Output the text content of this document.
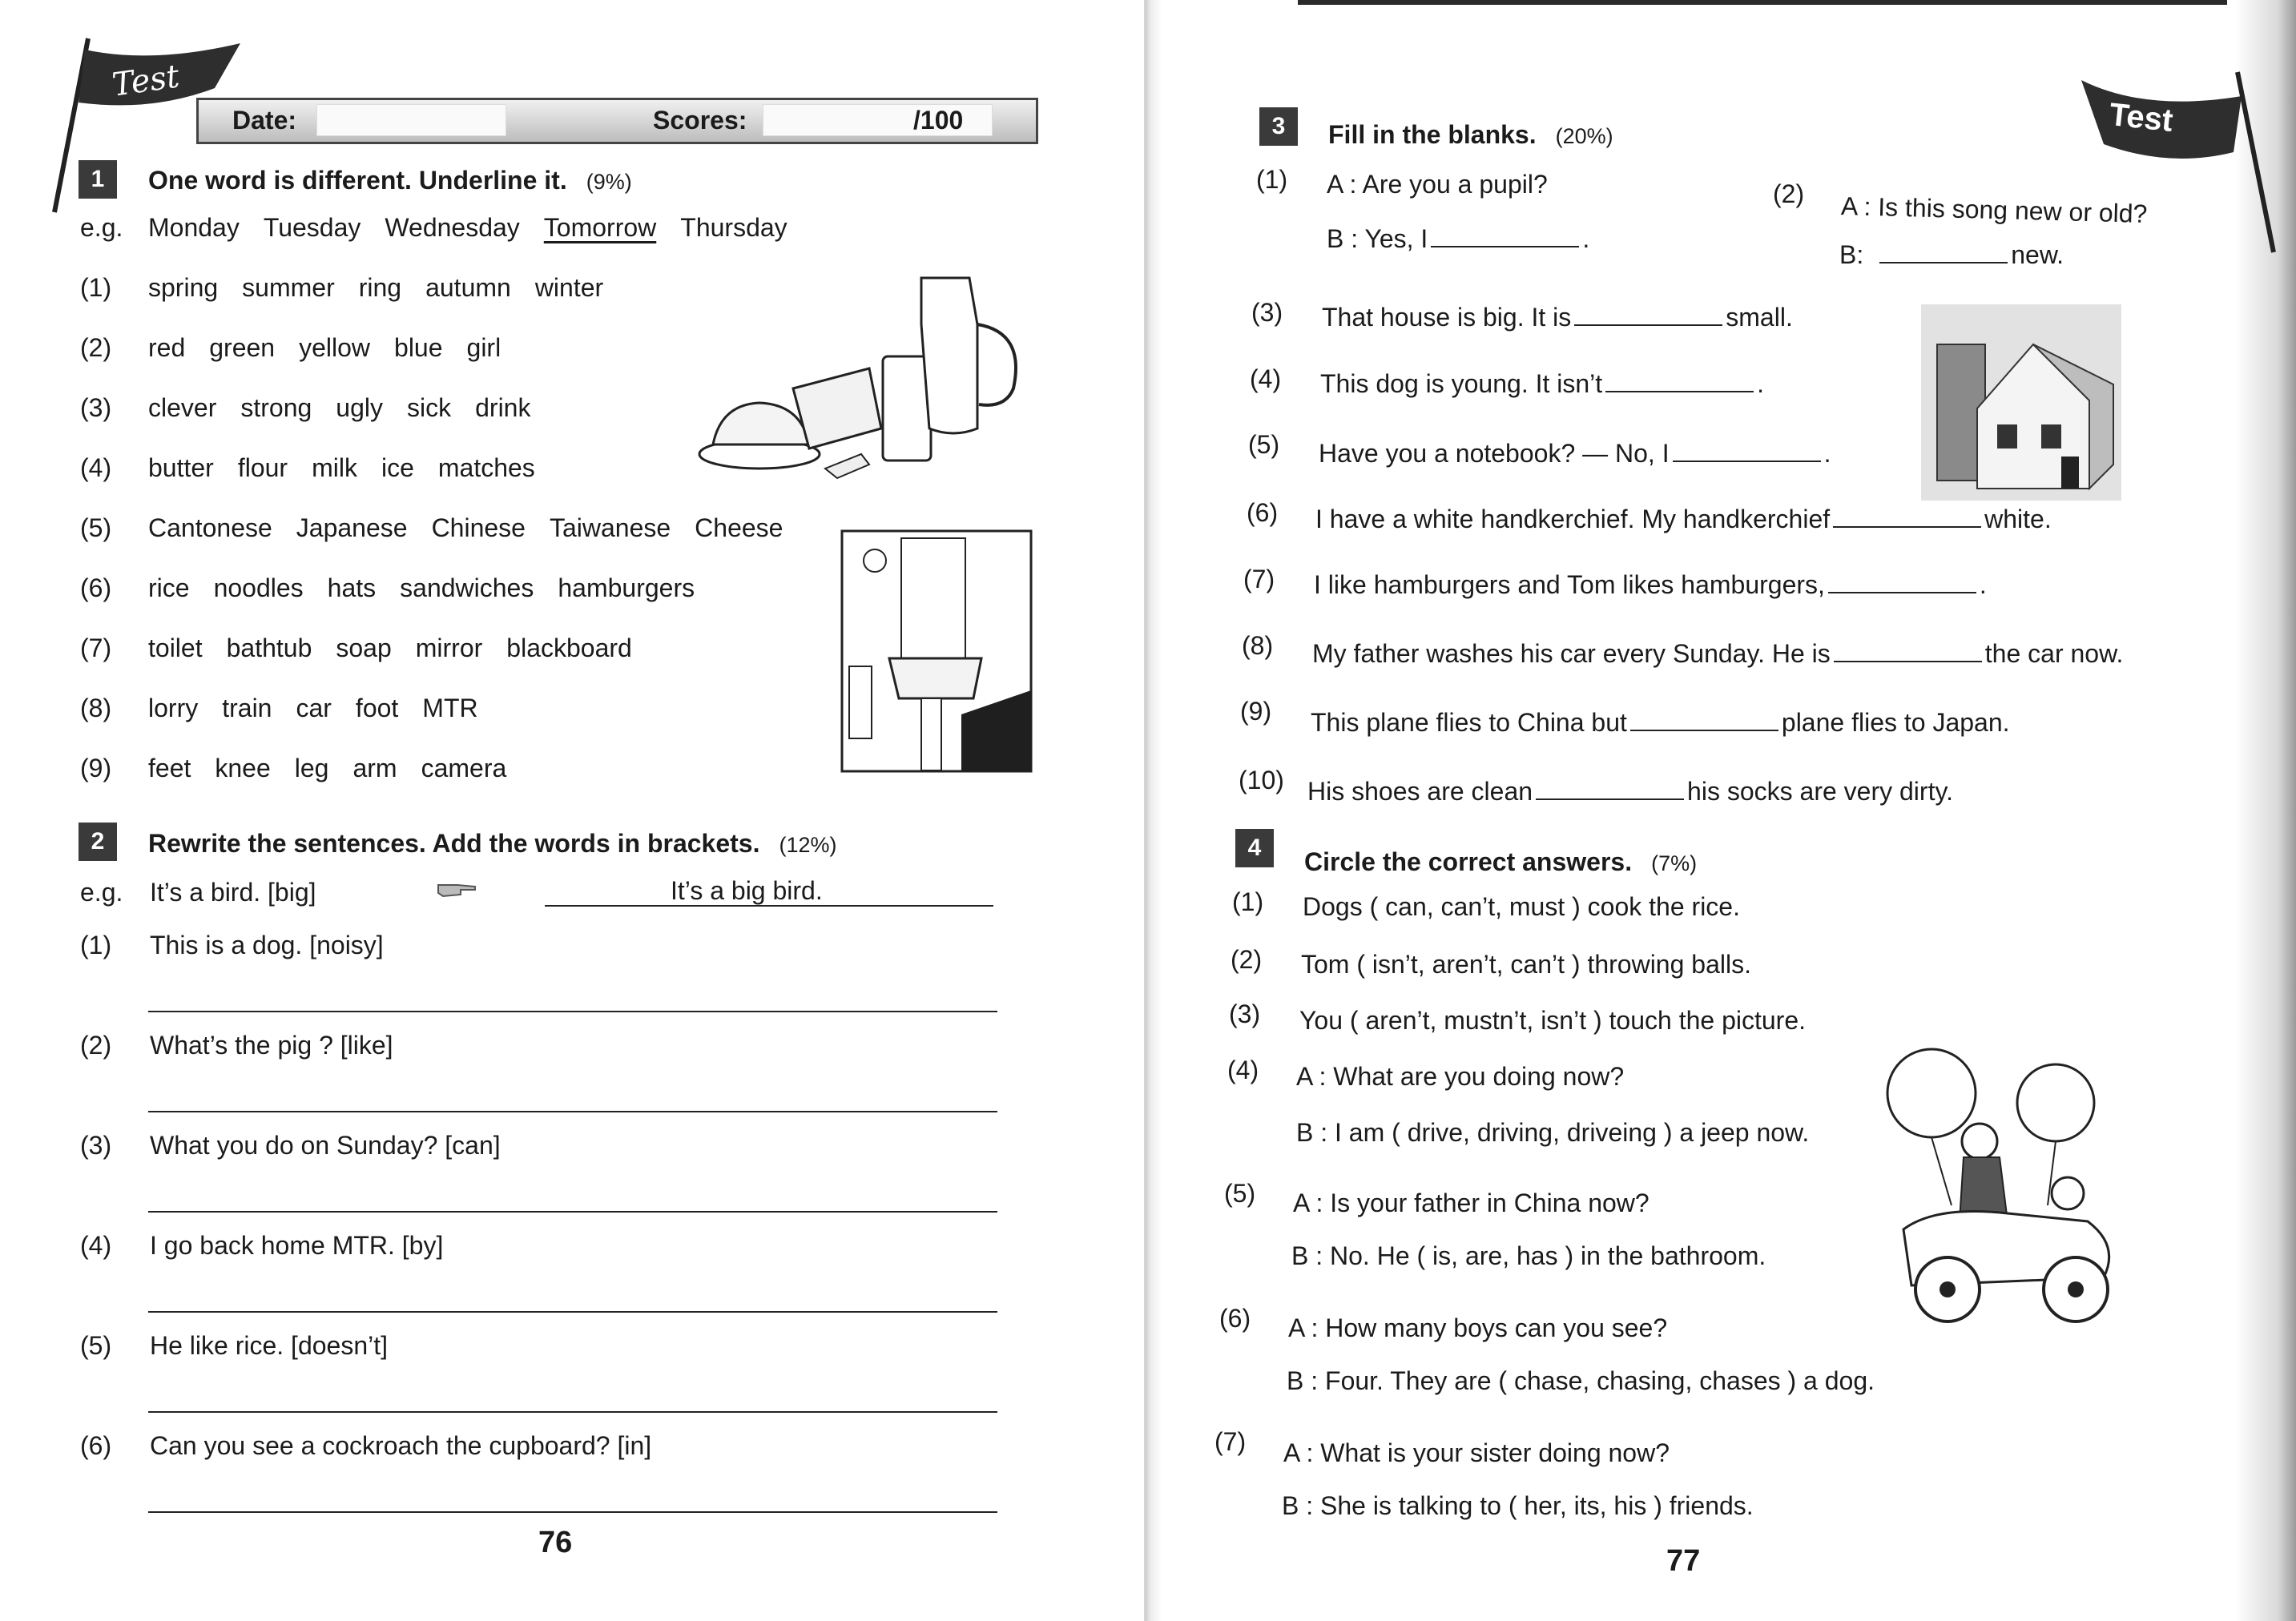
Test
Date:	Scores:	/100
1	One word is different. Underline it. (9%)
e.g. Monday Tuesday Wednesday Tomorrow Thursday
(1) spring summer ring autumn winter
(2) red green yellow blue girl
(3) clever strong ugly sick drink
(4) butter flour milk ice matches
(5) Cantonese Japanese Chinese Taiwanese Cheese
(6) rice noodles hats sandwiches hamburgers
(7) toilet bathtub soap mirror blackboard
(8) lorry train car foot MTR
(9) feet knee leg arm camera
2	Rewrite the sentences. Add the words in brackets. (12%)
e.g. It’s a bird. [big]	It’s a big bird.
(1) This is a dog. [noisy]
(2) What’s the pig ? [like]
(3) What you do on Sunday? [can]
(4) I go back home MTR. [by]
(5) He like rice. [doesn’t]
(6) Can you see a cockroach the cupboard? [in]
76
Test
3	Fill in the blanks. (20%)
(1) A : Are you a pupil?
B : Yes, I	.
(2) A : Is this song new or old?
B:	new.
(3) That house is big. It is	small.
(4) This dog is young. It isn’t	.
(5) Have you a notebook? — No, I	.
(6) I have a white handkerchief. My handkerchief	white.
(7) I like hamburgers and Tom likes hamburgers,	.
(8) My father washes his car every Sunday. He is	the car now.
(9) This plane flies to China but	plane flies to Japan.
(10) His shoes are clean	his socks are very dirty.
4	Circle the correct answers. (7%)
(1) Dogs ( can, can’t, must ) cook the rice.
(2) Tom ( isn’t, aren’t, can’t ) throwing balls.
(3) You ( aren’t, mustn’t, isn’t ) touch the picture.
(4) A : What are you doing now?
B : I am ( drive, driving, driveing ) a jeep now.
(5) A : Is your father in China now?
B : No. He ( is, are, has ) in the bathroom.
(6) A : How many boys can you see?
B : Four. They are ( chase, chasing, chases ) a dog.
(7) A : What is your sister doing now?
B : She is talking to ( her, its, his ) friends.
77
